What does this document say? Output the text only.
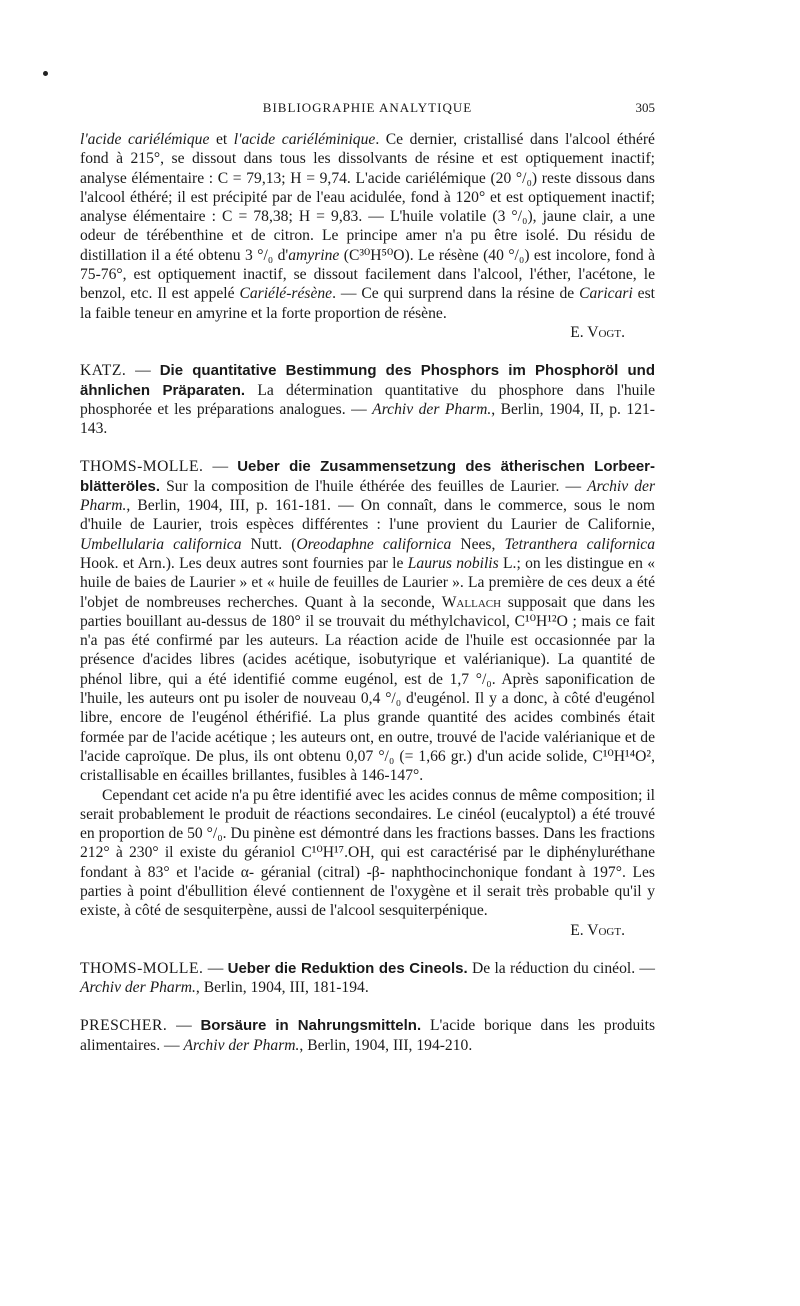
BIBLIOGRAPHIE ANALYTIQUE	305

l'acide cariélémique et l'acide cariéléminique. Ce dernier, cristallisé dans l'alcool éthéré fond à 215°, se dissout dans tous les dissolvants de résine et est optiquement inactif; analyse élémentaire : C = 79,13; H = 9,74. L'acide cariélémique (20 °/₀) reste dissous dans l'alcool éthéré; il est précipité par de l'eau acidulée, fond à 120° et est optiquement inactif; analyse élémentaire : C = 78,38; H = 9,83. — L'huile volatile (3 °/₀), jaune clair, a une odeur de térébenthine et de citron. Le principe amer n'a pu être isolé. Du résidu de distillation il a été obtenu 3 °/₀ d'amyrine (C³⁰H⁵⁰O). Le résène (40 °/₀) est incolore, fond à 75-76°, est optiquement inactif, se dissout facilement dans l'alcool, l'éther, l'acétone, le benzol, etc. Il est appelé Cariélé-résène. — Ce qui surprend dans la résine de Caricari est la faible teneur en amyrine et la forte proportion de résène.
E. Vogt.

KATZ. — Die quantitative Bestimmung des Phosphors im Phosphoröl und ähnlichen Präparaten. La détermination quantitative du phosphore dans l'huile phosphorée et les préparations analogues. — Archiv der Pharm., Berlin, 1904, II, p. 121-143.

THOMS-MOLLE. — Ueber die Zusammensetzung des ätherischen Lorbeer-blätteröles. Sur la composition de l'huile éthérée des feuilles de Laurier. — Archiv der Pharm., Berlin, 1904, III, p. 161-181. — On connaît, dans le commerce, sous le nom d'huile de Laurier, trois espèces différentes : l'une provient du Laurier de Californie, Umbellularia californica Nutt. (Oreodaphne californica Nees, Tetranthera californica Hook. et Arn.). Les deux autres sont fournies par le Laurus nobilis L.; on les distingue en « huile de baies de Laurier » et « huile de feuilles de Laurier ». La première de ces deux a été l'objet de nombreuses recherches. Quant à la seconde, Wallach supposait que dans les parties bouillant au-dessus de 180° il se trouvait du méthylchavicol, C¹⁰H¹²O ; mais ce fait n'a pas été confirmé par les auteurs. La réaction acide de l'huile est occasionnée par la présence d'acides libres (acides acétique, isobutyrique et valérianique). La quantité de phénol libre, qui a été identifié comme eugénol, est de 1,7 °/₀. Après saponification de l'huile, les auteurs ont pu isoler de nouveau 0,4 °/₀ d'eugénol. Il y a donc, à côté d'eugénol libre, encore de l'eugénol éthérifié. La plus grande quantité des acides combinés était formée par de l'acide acétique ; les auteurs ont, en outre, trouvé de l'acide valérianique et de l'acide caproïque. De plus, ils ont obtenu 0,07 °/₀ (= 1,66 gr.) d'un acide solide, C¹⁰H¹⁴O², cristallisable en écailles brillantes, fusibles à 146-147°.

Cependant cet acide n'a pu être identifié avec les acides connus de même composition; il serait probablement le produit de réactions secondaires. Le cinéol (eucalyptol) a été trouvé en proportion de 50 °/₀. Du pinène est démontré dans les fractions basses. Dans les fractions 212° à 230° il existe du géraniol C¹⁰H¹⁷.OH, qui est caractérisé par le diphényluréthane fondant à 83° et l'acide α- géranial (citral) -β- naphthocinchonique fondant à 197°. Les parties à point d'ébullition élevé contiennent de l'oxygène et il serait très probable qu'il y existe, à côté de sesquiterpène, aussi de l'alcool sesquiterpénique.
E. Vogt.

THOMS-MOLLE. — Ueber die Reduktion des Cineols. De la réduction du cinéol. — Archiv der Pharm., Berlin, 1904, III, 181-194.

PRESCHER. — Borsäure in Nahrungsmitteln. L'acide borique dans les produits alimentaires. — Archiv der Pharm., Berlin, 1904, III, 194-210.
